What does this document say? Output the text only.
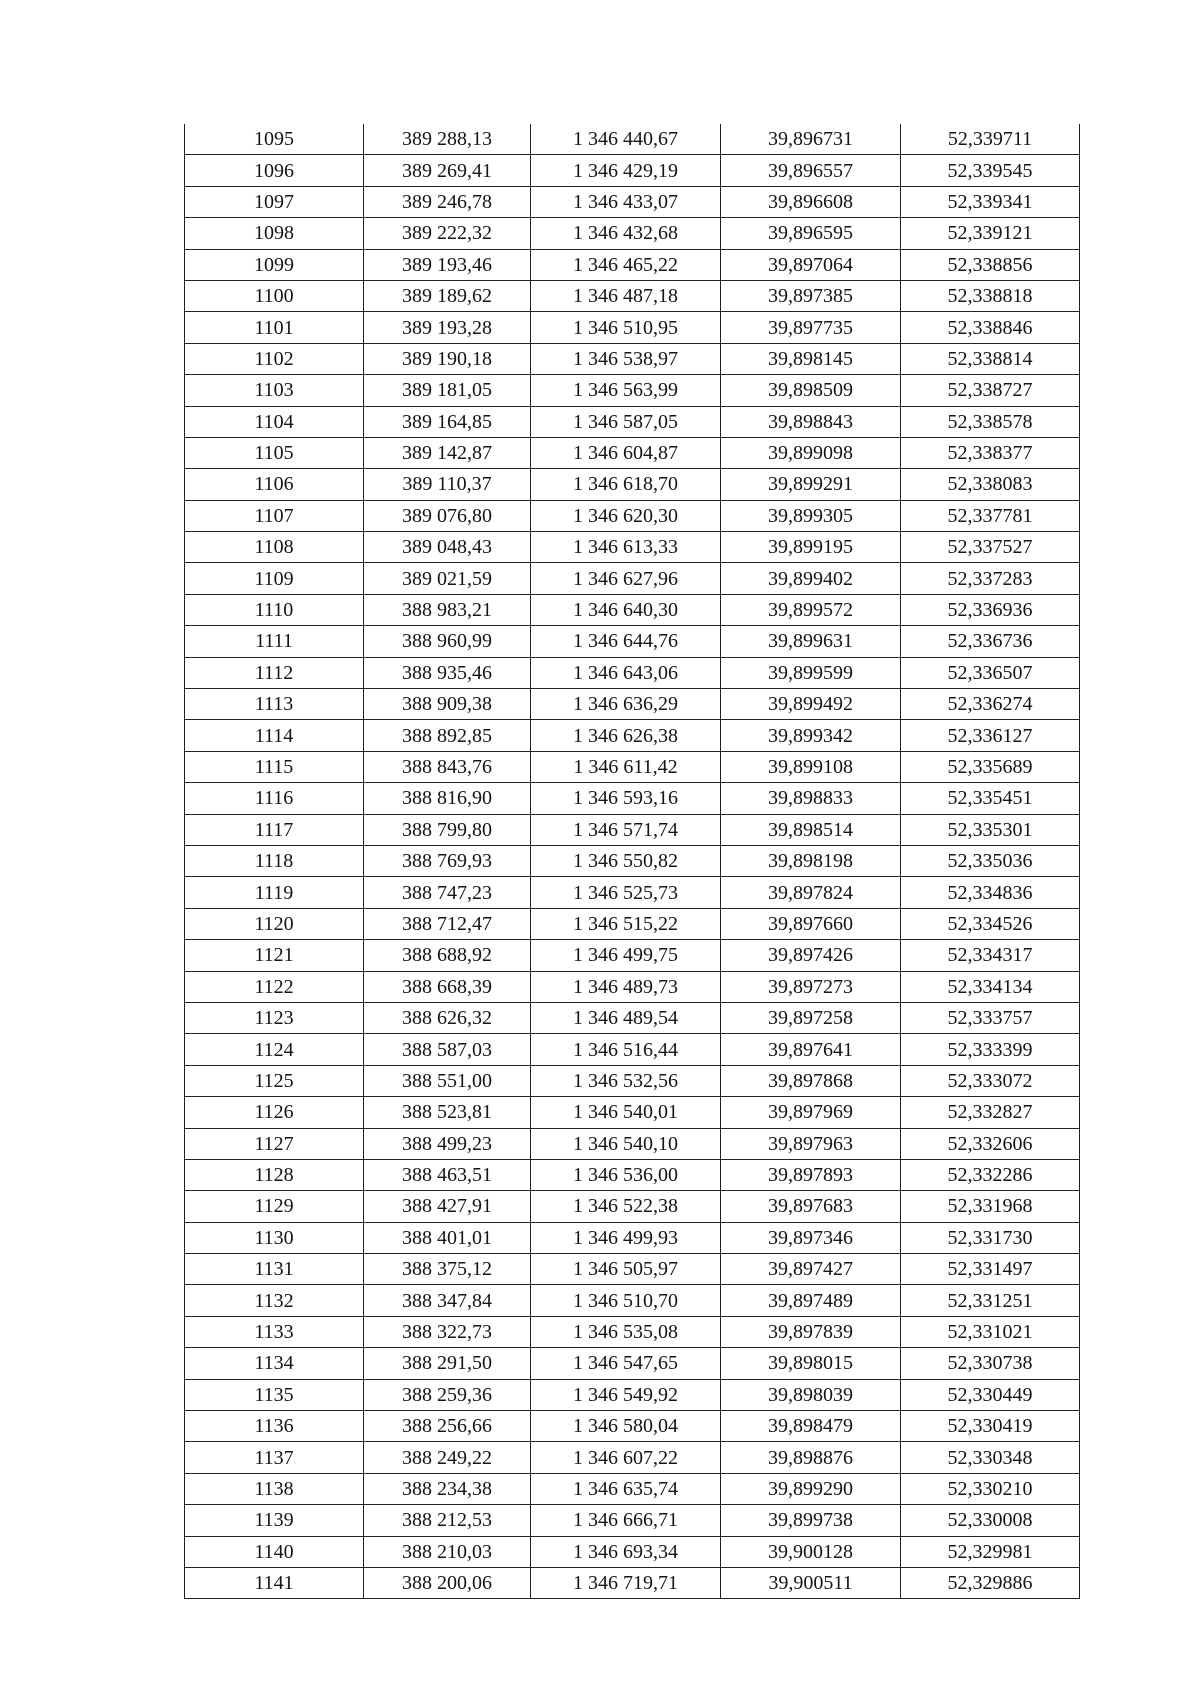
1095	389 288,13	1 346 440,67	39,896731	52,339711
1096	389 269,41	1 346 429,19	39,896557	52,339545
1097	389 246,78	1 346 433,07	39,896608	52,339341
1098	389 222,32	1 346 432,68	39,896595	52,339121
1099	389 193,46	1 346 465,22	39,897064	52,338856
1100	389 189,62	1 346 487,18	39,897385	52,338818
1101	389 193,28	1 346 510,95	39,897735	52,338846
1102	389 190,18	1 346 538,97	39,898145	52,338814
1103	389 181,05	1 346 563,99	39,898509	52,338727
1104	389 164,85	1 346 587,05	39,898843	52,338578
1105	389 142,87	1 346 604,87	39,899098	52,338377
1106	389 110,37	1 346 618,70	39,899291	52,338083
1107	389 076,80	1 346 620,30	39,899305	52,337781
1108	389 048,43	1 346 613,33	39,899195	52,337527
1109	389 021,59	1 346 627,96	39,899402	52,337283
1110	388 983,21	1 346 640,30	39,899572	52,336936
1111	388 960,99	1 346 644,76	39,899631	52,336736
1112	388 935,46	1 346 643,06	39,899599	52,336507
1113	388 909,38	1 346 636,29	39,899492	52,336274
1114	388 892,85	1 346 626,38	39,899342	52,336127
1115	388 843,76	1 346 611,42	39,899108	52,335689
1116	388 816,90	1 346 593,16	39,898833	52,335451
1117	388 799,80	1 346 571,74	39,898514	52,335301
1118	388 769,93	1 346 550,82	39,898198	52,335036
1119	388 747,23	1 346 525,73	39,897824	52,334836
1120	388 712,47	1 346 515,22	39,897660	52,334526
1121	388 688,92	1 346 499,75	39,897426	52,334317
1122	388 668,39	1 346 489,73	39,897273	52,334134
1123	388 626,32	1 346 489,54	39,897258	52,333757
1124	388 587,03	1 346 516,44	39,897641	52,333399
1125	388 551,00	1 346 532,56	39,897868	52,333072
1126	388 523,81	1 346 540,01	39,897969	52,332827
1127	388 499,23	1 346 540,10	39,897963	52,332606
1128	388 463,51	1 346 536,00	39,897893	52,332286
1129	388 427,91	1 346 522,38	39,897683	52,331968
1130	388 401,01	1 346 499,93	39,897346	52,331730
1131	388 375,12	1 346 505,97	39,897427	52,331497
1132	388 347,84	1 346 510,70	39,897489	52,331251
1133	388 322,73	1 346 535,08	39,897839	52,331021
1134	388 291,50	1 346 547,65	39,898015	52,330738
1135	388 259,36	1 346 549,92	39,898039	52,330449
1136	388 256,66	1 346 580,04	39,898479	52,330419
1137	388 249,22	1 346 607,22	39,898876	52,330348
1138	388 234,38	1 346 635,74	39,899290	52,330210
1139	388 212,53	1 346 666,71	39,899738	52,330008
1140	388 210,03	1 346 693,34	39,900128	52,329981
1141	388 200,06	1 346 719,71	39,900511	52,329886
